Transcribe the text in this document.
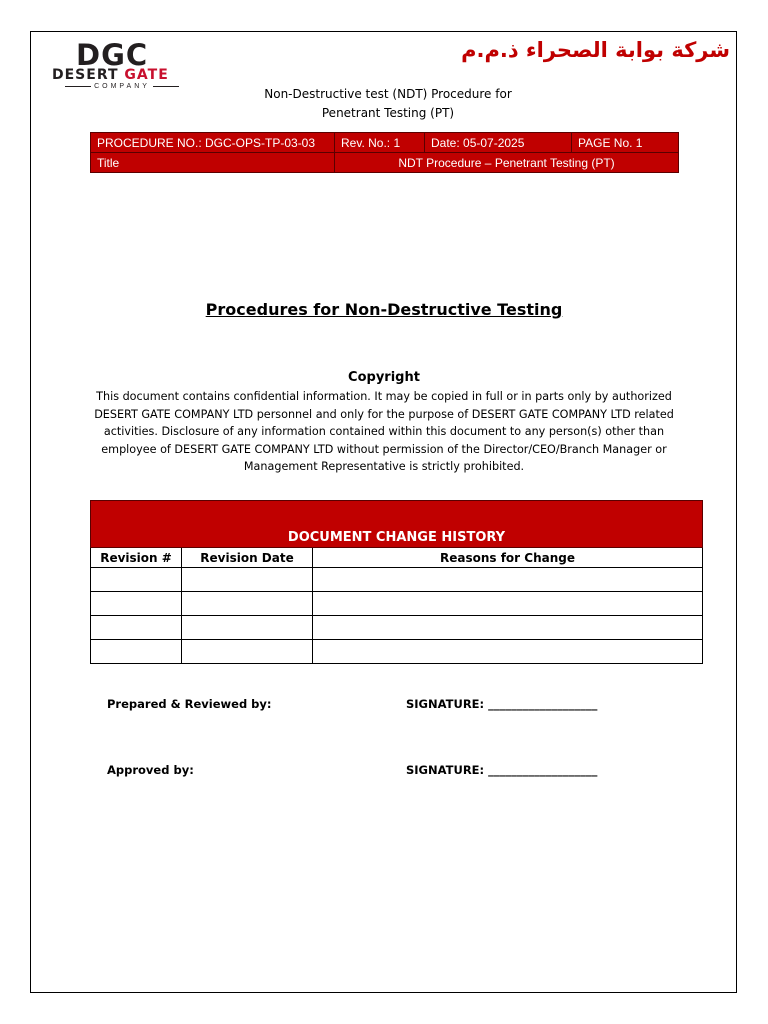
DGC
DESERT GATE
COMPANY
شركة بوابة الصحراء ذ.م.م
Non-Destructive test (NDT) Procedure for
Penetrant Testing (PT)
PROCEDURE NO.: DGC-OPS-TP-03-03	Rev. No.: 1	Date: 05-07-2025	PAGE No. 1
Title	NDT Procedure – Penetrant Testing (PT)		
Procedures for Non-Destructive Testing
Copyright
This document contains confidential information. It may be copied in full or in parts only by authorized DESERT GATE COMPANY LTD personnel and only for the purpose of DESERT GATE COMPANY LTD related activities. Disclosure of any information contained within this document to any person(s) other than employee of DESERT GATE COMPANY LTD without permission of the Director/CEO/Branch Manager or Management Representative is strictly prohibited.
DOCUMENT CHANGE HISTORY		
Revision #	Revision Date	Reasons for Change

Prepared & Reviewed by:	SIGNATURE: ___________________
Approved by:	SIGNATURE: ___________________
